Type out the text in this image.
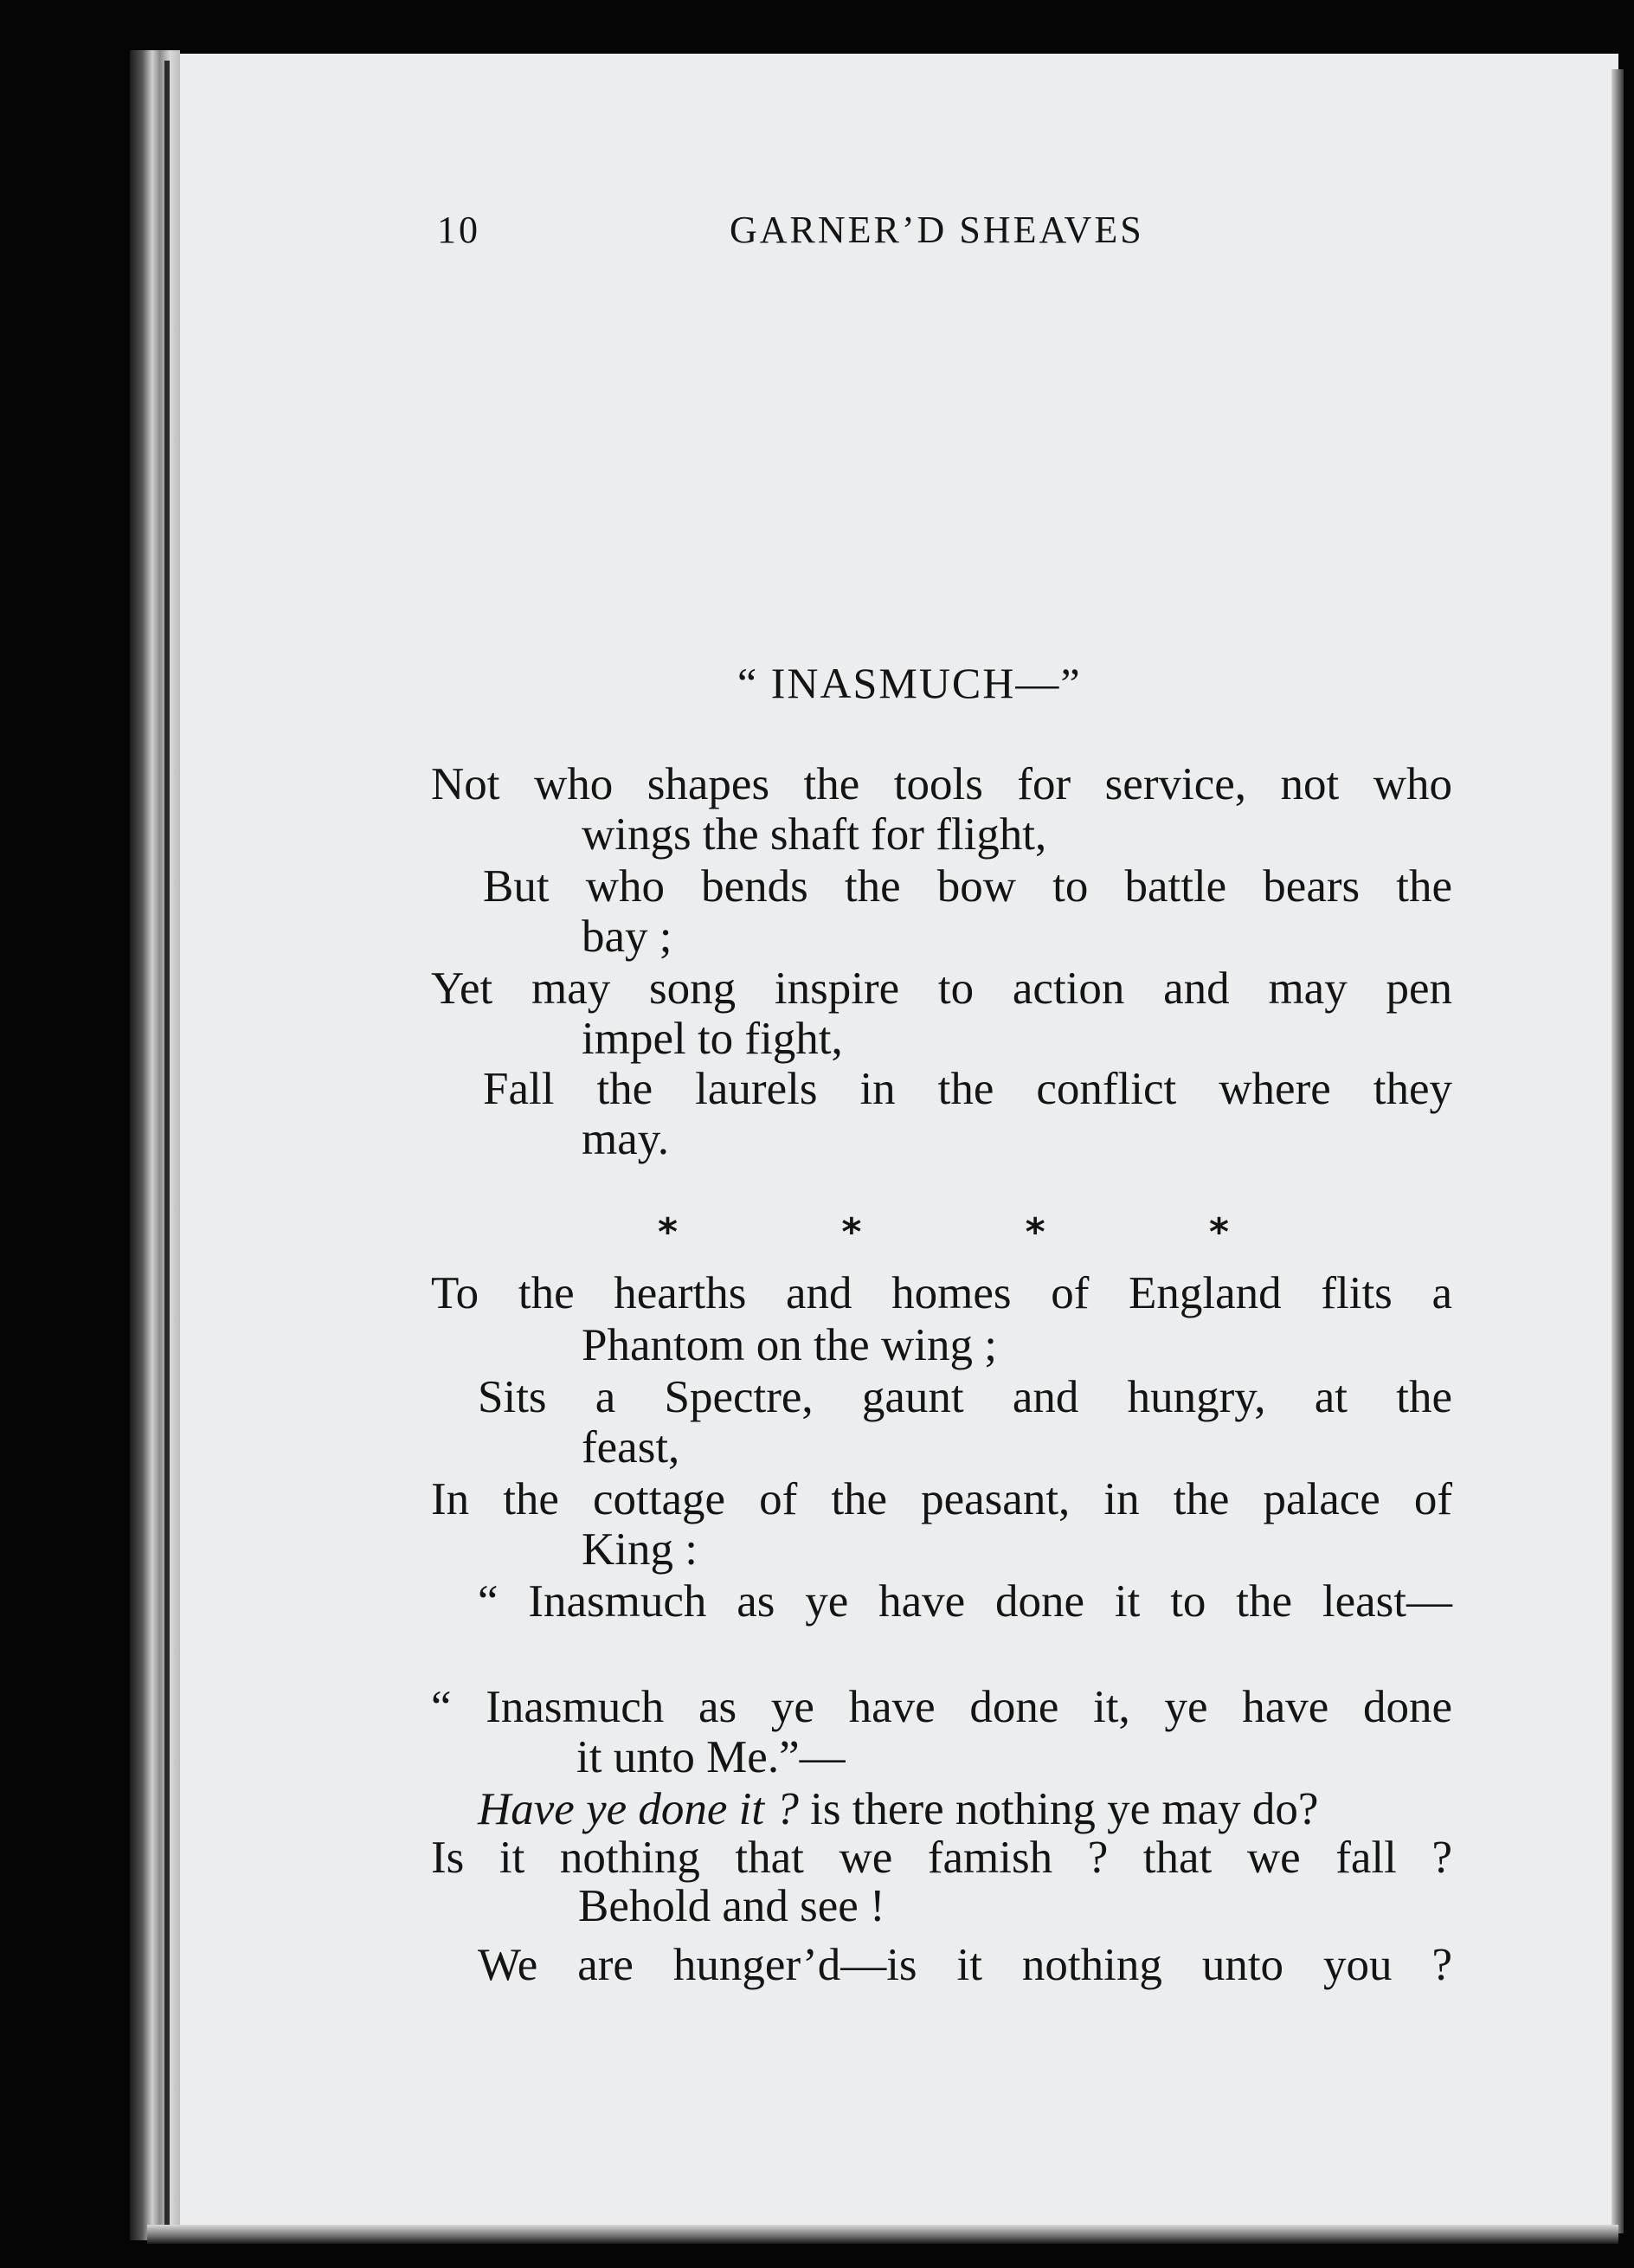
10	GARNER’D SHEAVES
“ INASMUCH—”
Not who shapes the tools for service, not who
wings the shaft for flight,
But who bends the bow to battle bears the
bay ;
Yet may song inspire to action and may pen
impel to fight,
Fall the laurels in the conflict where they
may.
*	*	*	*
To the hearths and homes of England flits a
Phantom on the wing ;
Sits a Spectre, gaunt and hungry, at the
feast,
In the cottage of the peasant, in the palace of
King :
“ Inasmuch as ye have done it to the least—
“ Inasmuch as ye have done it, ye have done
it unto Me.”—
Have ye done it ? is there nothing ye may do?
Is it nothing that we famish ? that we fall ?
Behold and see !
We are hunger’d—is it nothing unto you ?
